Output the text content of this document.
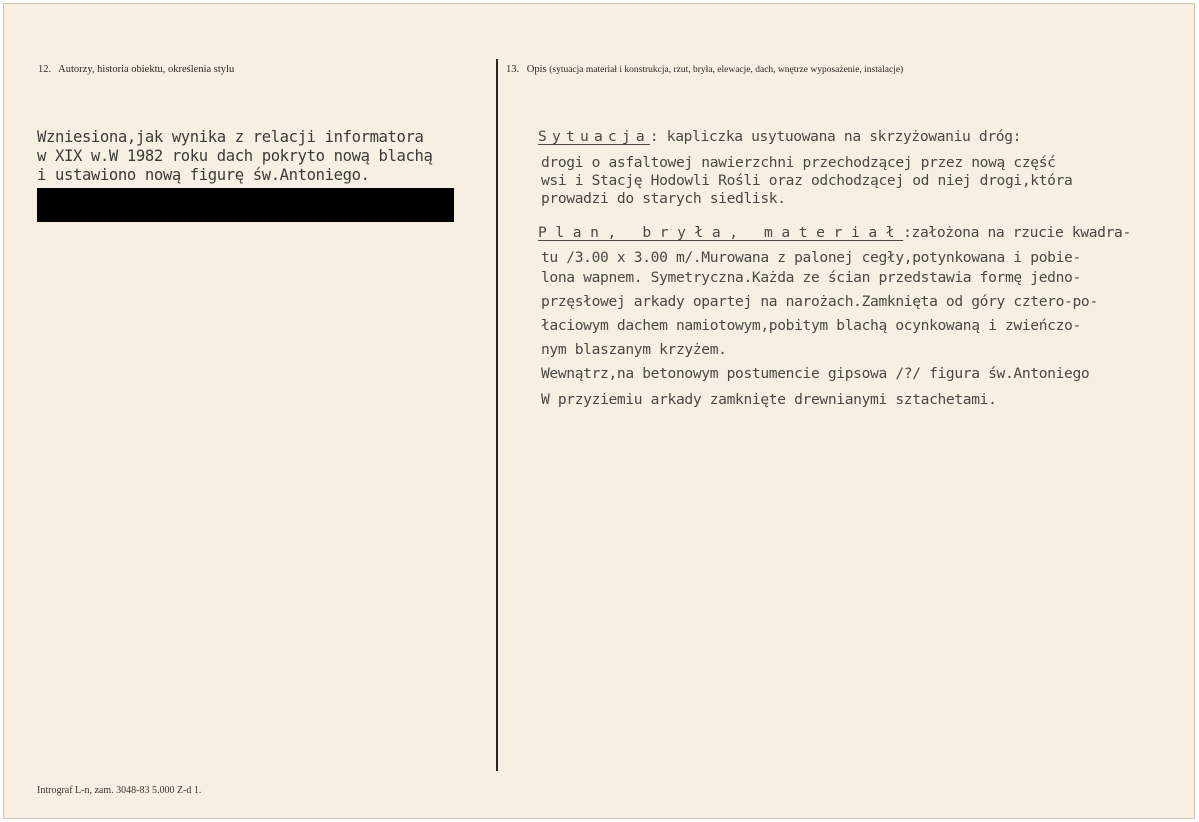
12. Autorzy, historia obiektu, określenia stylu	13. Opis (sytuacja materiał i konstrukcja, rzut, bryła, elewacje, dach, wnętrze wyposażenie, instalacje)
Wzniesiona,jak wynika z relacji informatora
w XIX w.W 1982 roku dach pokryto nową blachą
i ustawiono nową figurę św.Antoniego.
Sytuacja: kapliczka usytuowana na skrzyżowaniu dróg:
drogi o asfaltowej nawierzchni przechodzącej przez nową część
wsi i Stację Hodowli Rośli oraz odchodzącej od niej drogi,która
prowadzi do starych siedlisk.
Plan, bryła, materiał:założona na rzucie kwadra-
tu /3.00 x 3.00 m/.Murowana z palonej cegły,potynkowana i pobie-
lona wapnem. Symetryczna.Każda ze ścian przedstawia formę jedno-
przęsłowej arkady opartej na narożach.Zamknięta od góry cztero-po-
łaciowym dachem namiotowym,pobitym blachą ocynkowaną i zwieńczo-
nym blaszanym krzyżem.
Wewnątrz,na betonowym postumencie gipsowa /?/ figura św.Antoniego
W przyziemiu arkady zamknięte drewnianymi sztachetami.
Intrograf L-n, zam. 3048-83 5.000 Z-d 1.
